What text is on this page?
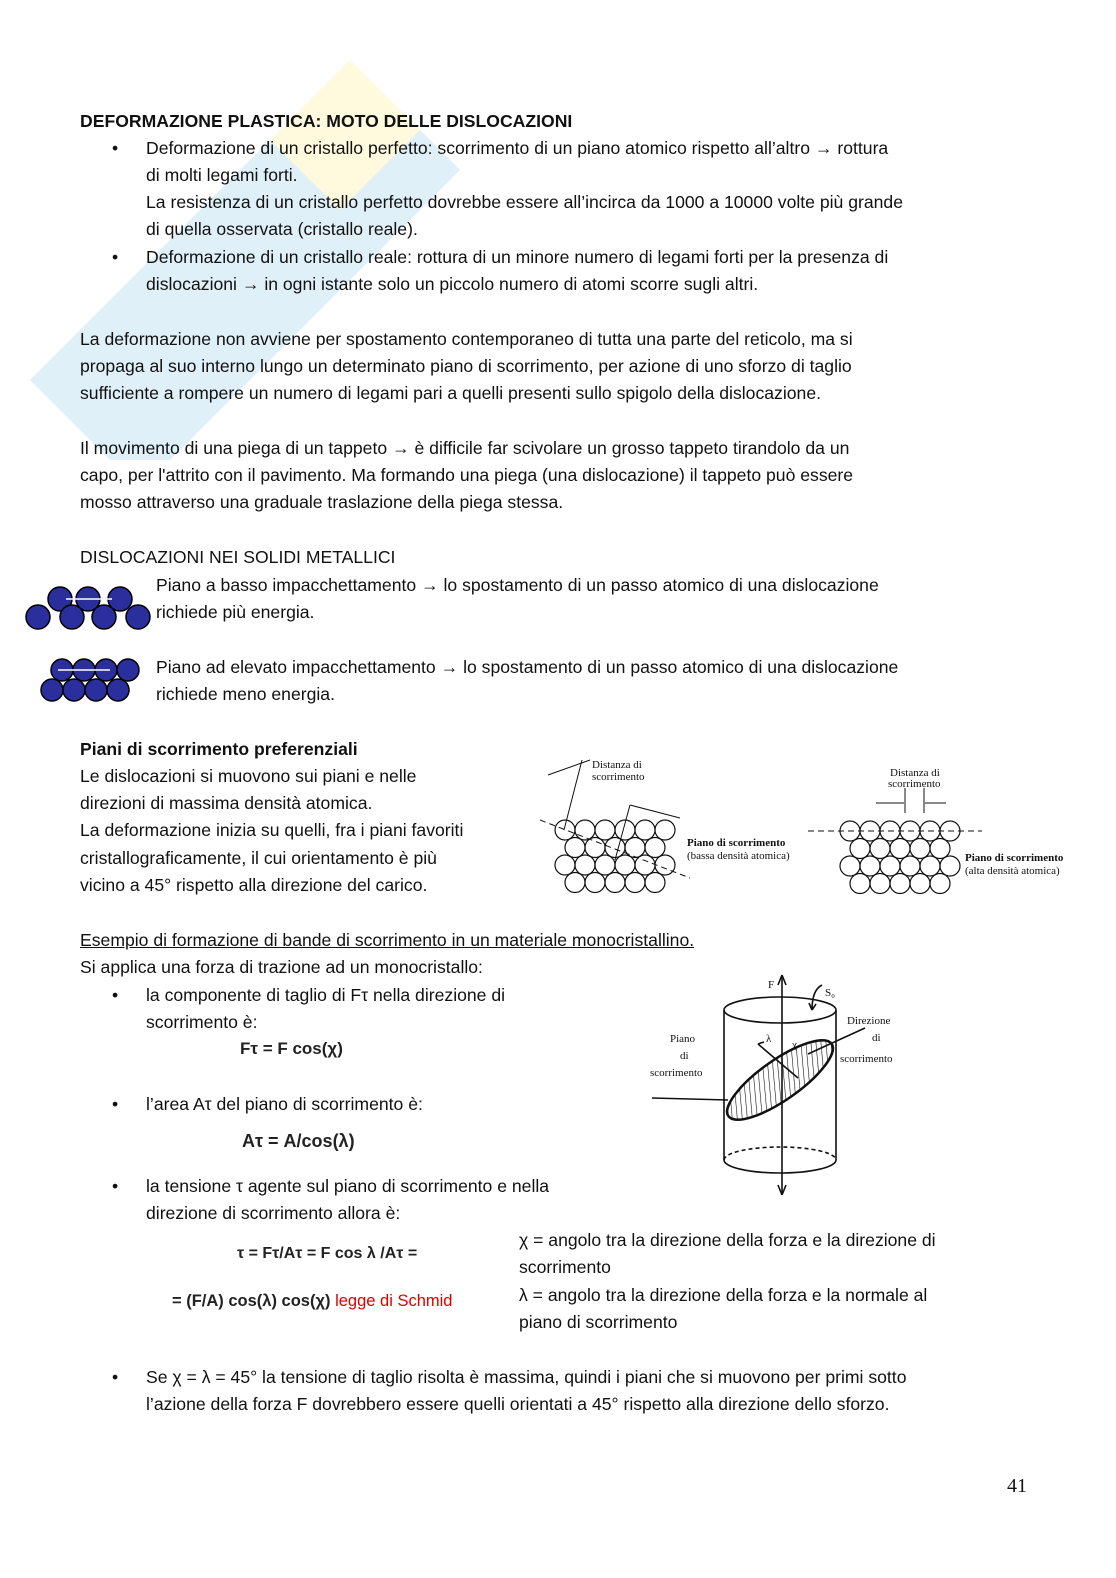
DEFORMAZIONE PLASTICA: MOTO DELLE DISLOCAZIONI
• Deformazione di un cristallo perfetto: scorrimento di un piano atomico rispetto all’altro → rottura
di molti legami forti.
La resistenza di un cristallo perfetto dovrebbe essere all’incirca da 1000 a 10000 volte più grande
di quella osservata (cristallo reale).
• Deformazione di un cristallo reale: rottura di un minore numero di legami forti per la presenza di
dislocazioni → in ogni istante solo un piccolo numero di atomi scorre sugli altri.
La deformazione non avviene per spostamento contemporaneo di tutta una parte del reticolo, ma si
propaga al suo interno lungo un determinato piano di scorrimento, per azione di uno sforzo di taglio
sufficiente a rompere un numero di legami pari a quelli presenti sullo spigolo della dislocazione.
Il movimento di una piega di un tappeto → è difficile far scivolare un grosso tappeto tirandolo da un
capo, per l'attrito con il pavimento. Ma formando una piega (una dislocazione) il tappeto può essere
mosso attraverso una graduale traslazione della piega stessa.
DISLOCAZIONI NEI SOLIDI METALLICI
Piano a basso impacchettamento → lo spostamento di un passo atomico di una dislocazione
richiede più energia.
Piano ad elevato impacchettamento → lo spostamento di un passo atomico di una dislocazione
richiede meno energia.
Piani di scorrimento preferenziali
Le dislocazioni si muovono sui piani e nelle
direzioni di massima densità atomica.
La deformazione inizia su quelli, fra i piani favoriti
cristallograficamente, il cui orientamento è più
vicino a 45° rispetto alla direzione del carico.
Distanza di
scorrimento
Piano di scorrimento
(bassa densità atomica)
Distanza di
scorrimento
Piano di scorrimento
(alta densità atomica)
Esempio di formazione di bande di scorrimento in un materiale monocristallino.
Si applica una forza di trazione ad un monocristallo:
• la componente di taglio di Fτ nella direzione di
scorrimento è:
Fτ = F cos(χ)
• l’area Aτ del piano di scorrimento è:
Aτ = A/cos(λ)
• la tensione τ agente sul piano di scorrimento e nella
direzione di scorrimento allora è:
τ = Fτ/Aτ = F cos λ /Aτ =
= (F/A) cos(λ) cos(χ) legge di Schmid
χ = angolo tra la direzione della forza e la direzione di
scorrimento
λ = angolo tra la direzione della forza e la normale al
piano di scorrimento
F
S₀
λ χ
Piano
di
scorrimento
Direzione
di
scorrimento
• Se χ = λ = 45° la tensione di taglio risolta è massima, quindi i piani che si muovono per primi sotto
l’azione della forza F dovrebbero essere quelli orientati a 45° rispetto alla direzione dello sforzo.
41
